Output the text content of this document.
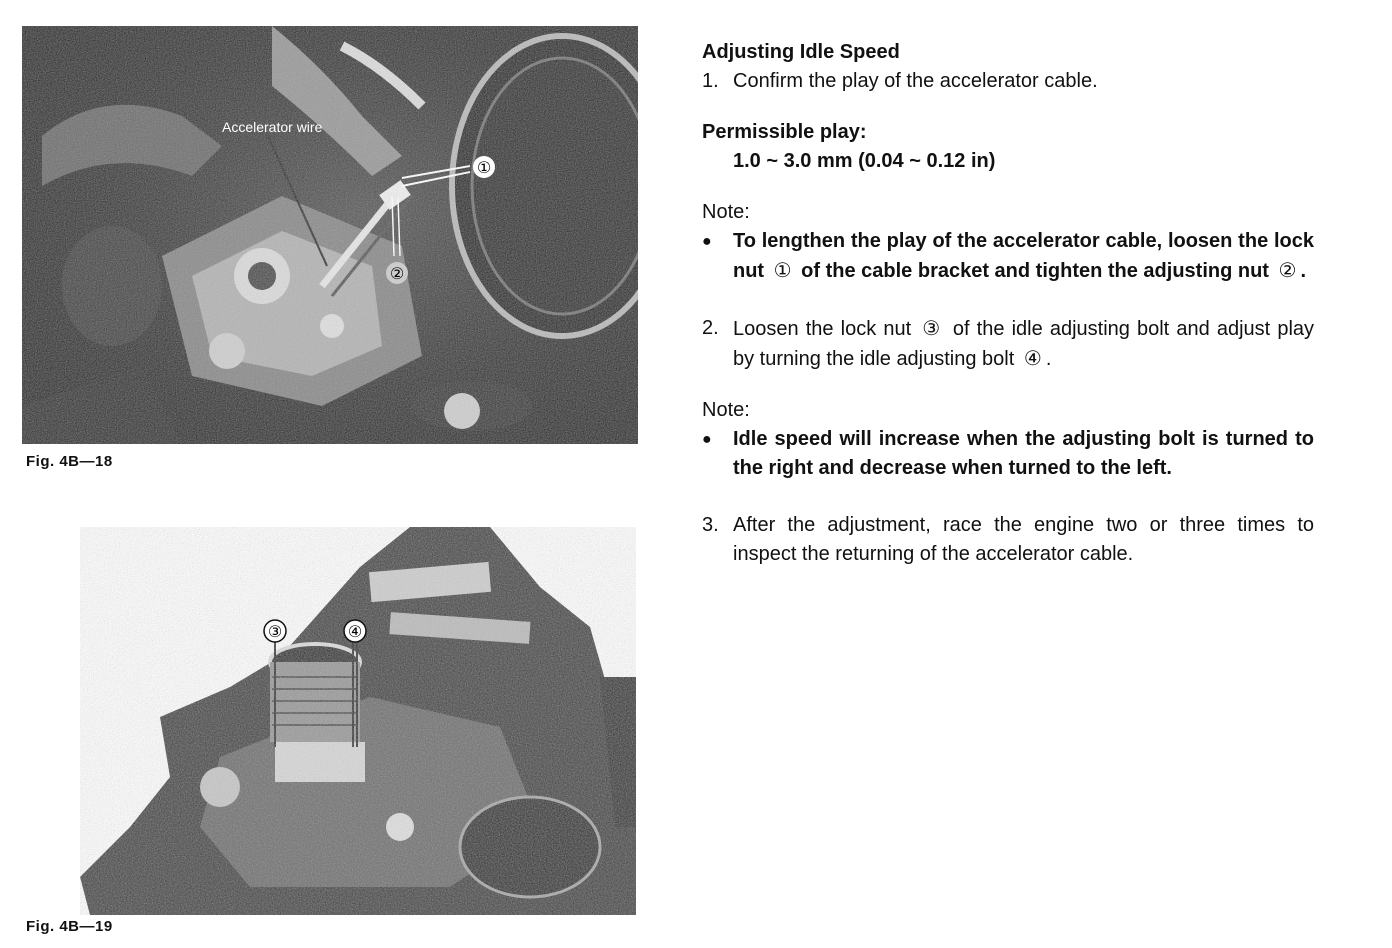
Accelerator wire
①
②
Fig. 4B—18
③	④
Fig. 4B—19
Adjusting Idle Speed
1. Confirm the play of the accelerator cable.
Permissible play:
1.0 ~ 3.0 mm (0.04 ~ 0.12 in)
Note:
●	To lengthen the play of the accelerator cable, loosen the lock nut ① of the cable bracket and tighten the adjusting nut ② .
2. Loosen the lock nut ③ of the idle adjusting bolt and adjust play by turning the idle adjusting bolt ④ .
Note:
●	Idle speed will increase when the adjusting bolt is turned to the right and decrease when turned to the left.
3. After the adjustment, race the engine two or three times to inspect the returning of the accelerator cable.
